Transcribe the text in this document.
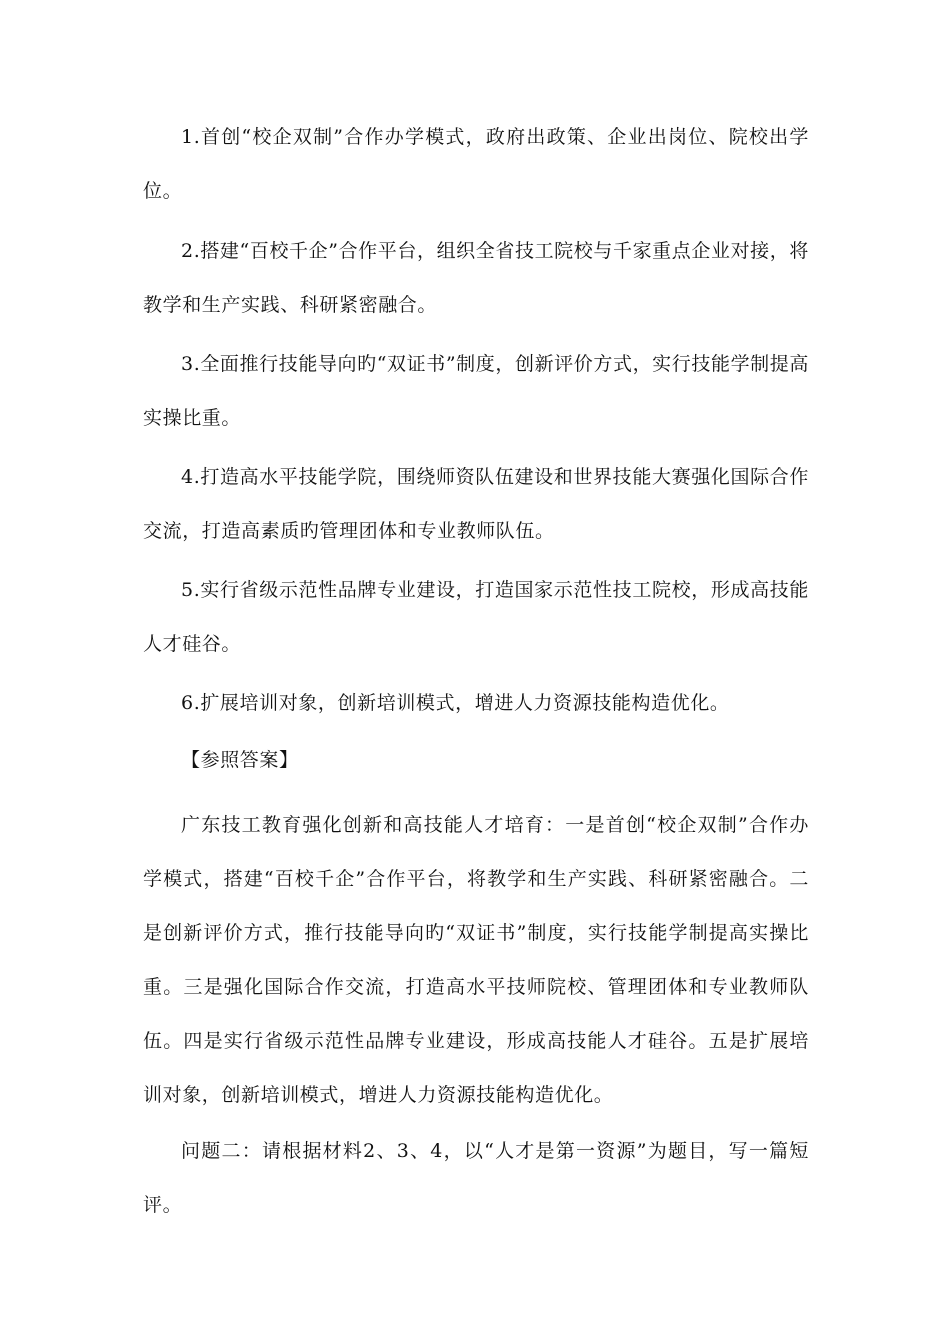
1.首创“校企双制”合作办学模式，政府出政策、企业出岗位、院校出学位。

2.搭建“百校千企”合作平台，组织全省技工院校与千家重点企业对接，将教学和生产实践、科研紧密融合。

3.全面推行技能导向旳“双证书”制度，创新评价方式，实行技能学制提高实操比重。

4.打造高水平技能学院，围绕师资队伍建设和世界技能大赛强化国际合作交流，打造高素质旳管理团体和专业教师队伍。

5.实行省级示范性品牌专业建设，打造国家示范性技工院校，形成高技能人才硅谷。

6.扩展培训对象，创新培训模式，增进人力资源技能构造优化。

【参照答案】

广东技工教育强化创新和高技能人才培育：一是首创“校企双制”合作办学模式，搭建“百校千企”合作平台，将教学和生产实践、科研紧密融合。二是创新评价方式，推行技能导向旳“双证书”制度，实行技能学制提高实操比重。三是强化国际合作交流，打造高水平技师院校、管理团体和专业教师队伍。四是实行省级示范性品牌专业建设，形成高技能人才硅谷。五是扩展培训对象，创新培训模式，增进人力资源技能构造优化。

问题二：请根据材料2、3、4，以“人才是第一资源”为题目，写一篇短评。
